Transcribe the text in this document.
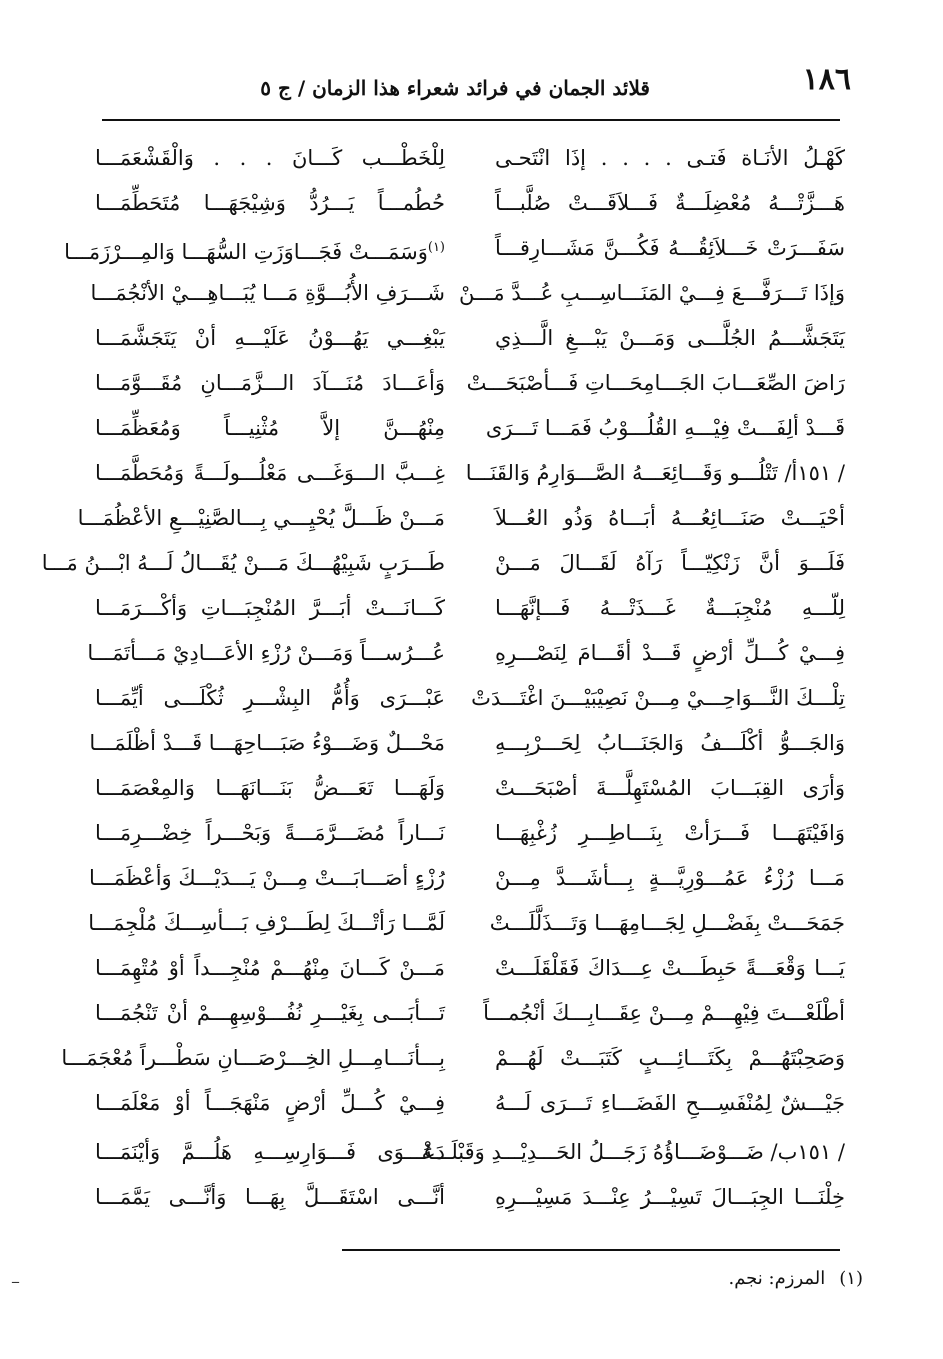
١٨٦
قلائد الجمان في فرائد شعراء هذا الزمان / ج ٥
كَهْـلُ الأنَـاة فَتـى . . . . إذَا انْتَحـى
لِلْخَطْـــب كَـــانَ . . . وَالْقَشْعَمَـــا
هَـــزَّتْـــهُ مُعْضِلَـــةٌ فَـــلاَقَـــتْ صُلَّبـــاً
حُطُمـــاً يَـــرُدُّ وَشِيْجَهَـــا مُتَحَطِّمَـــا
سَفَـــرَتْ خَـــلاَئِقُـــهُ فَكُـــنَّ مَشَـــارِقـــاً
$^{(١)}$وَسَمَـــتْ فَجَـــاوَزَتِ السُّهَـــا وَالمِـــرْزَمَـــا
وَإذَا تَـــرَفَّـــعَ فِـــيْ المَنَـــاسِـــبِ عُـــدَّ مَـــنْ
شَـــرَفِ الأُبُـــوَّةِ مَـــا يُبَـــاهِـــيْ الأنْجُمَـــا
يَتَجَشَّـــمُ الجُلَّـــى وَمَـــنْ يَبْـــغِ الَّـــذِي
يَبْغِـــي يَهُـــوْنُ عَلَيْـــهِ أنْ يَتَجَشَّمَـــا
رَاضَ الصِّعَـــابَ الجَـــامِحَـــاتِ فَـــأصْبَحَـــتْ
وَأعَـــادَ مُنَـــآدَ الـــزَّمَـــانِ مُقَـــوَّمَـــا
قَـــدْ ألِفَـــتْ فِيْـــهِ القُلُـــوْبُ فَمَـــا تَـــرَى
مِنْهُـــنَّ إلاَّ مُثْنِيـــاً وَمُعَظِّمَـــا
/ ١٥١أ/ تَتْلُـــو وَقَـــائِعَـــهُ الصَّـــوَارِمُ وَالقَنَـــا
غِـــبَّ الـــوَغَـــى مَعْلُـــولَـــةً وَمُحَطَّمَـــا
أحْيَـــتْ صَنَـــائِعُـــهُ أبَـــاهُ وَذُو العُـــلاَ
مَـــنْ ظَـــلَّ يُحْيِـــي بِـــالصَّنِيْـــعِ الأعْظُمَـــا
فَلَـــوَ أنَّ زَنْكِيّـــاً رَآهُ لَقَـــالَ مَـــنْ
طَـــرَبٍ شَبِيْهُـــكَ مَـــنْ يُقَـــالُ لَـــهُ ابْـــنُ مَـــا
لِلّـــهِ مُنْجِبَـــةٌ غَـــذَتْـــهُ فَـــإنَّهَـــا
كَـــانَـــتْ أبَـــرَّ المُنْجِبَـــاتِ وَأكْـــرَمَـــا
فِـــيْ كُـــلِّ أرْضٍ قَـــدْ أقَـــامَ لِنَصْـــرِهِ
عُـــرُســـاً وَمَـــنْ رُزْءِ الأعَـــادِيْ مَـــأتَمَـــا
تِلْـــكَ النَّـــوَاحِـــيْ مِـــنْ نَصِيْبَيْـــنَ اغْتَـــدَتْ
عَبْـــرَى وَأُمُّ البِشْـــرِ ثُكْلَـــى أيِّمَـــا
وَالجَـــوُّ أكْلَـــفُ وَالجَنَـــابُ لِحَـــرْبِـــهِ
مَحْـــلٌ وَضَـــوْءُ صَبَـــاحِهَـــا قَـــدْ أظْلَمَـــا
وَأرَى القِبَـــابَ المُسْتَهِلَّـــةَ أصْبَحَـــتْ
وَلَهَـــا تَعَـــضُّ بَنَـــانَهَـــا وَالمِعْصَمَـــا
وَافَيْتَهَـــا فَـــرَأتْ بِنَـــاطِـــرِ زُغْبِهَـــا
نَـــاراً مُضَـــرَّمَـــةً وَبَحْـــراً خِضْـــرِمَـــا
مَـــا رُزْءُ عَمُـــوْرِيَّـــةٍ بِـــأشَـــدَّ مِـــنْ
رُزْءٍ أصَـــابَـــتْ مِـــنْ يَـــدَيْـــكَ وَأعْظَمَـــا
جَمَحَـــتْ بِفَضْـــلِ لِجَـــامِهَـــا وَتَـــذَلَّلَـــتْ
لَمَّـــا رَأتْـــكَ لِطَـــرْفِ بَـــأسِـــكَ مُلْجِمَـــا
يَـــا وَقْعَـــةً حَبِطَـــتْ عِـــدَاكَ فَقَلْقَلَـــتْ
مَـــنْ كَـــانَ مِنْهُـــمْ مُنْجِـــداً أوْ مُتْهِمَـــا
أطْلَعْـــتَ فِيْهِـــمْ مِـــنْ عِقَـــابِـــكَ أنْجُمـــاً
تَـــأبَـــى بِغَيْـــرِ نُفُـــوْسِهِـــمْ أنْ تَنْجُمَـــا
وَصَحِبْتَهُـــمْ بِكَتَـــائِـــبٍ كَتَبَـــتْ لَهُـــمْ
بِـــأنَـــامِـــلِ الخِـــرْصَـــانِ سَطْـــراً مُعْجَمَـــا
جَيْـــشٌ لِمُنْفَسِـــحِ الفَضَـــاءِ تَـــرَى لَـــهُ
فِـــيْ كُـــلِّ أرْضٍ مَنْهَجَـــاً أوْ مَعْلَمَـــا
/ ١٥١ب/ ضَـــوْضَـــاؤُهُ زَجَـــلُ الحَـــدِيْـــدِ وَقَبْلَـــهُ
دَعْـــوَى فَـــوَارِسِـــهِ هَلُـــمَّ وَأيْنَمَـــا
خِلْنَـــا الجِبَـــالَ تَسِيْـــرُ عِنْـــدَ مَسِيْـــرِهِ
أنَّـــى اسْتَقَـــلَّ بِهَـــا وَأنَّـــى يَمَّمَـــا
(١)المرزم: نجم.
ــ
